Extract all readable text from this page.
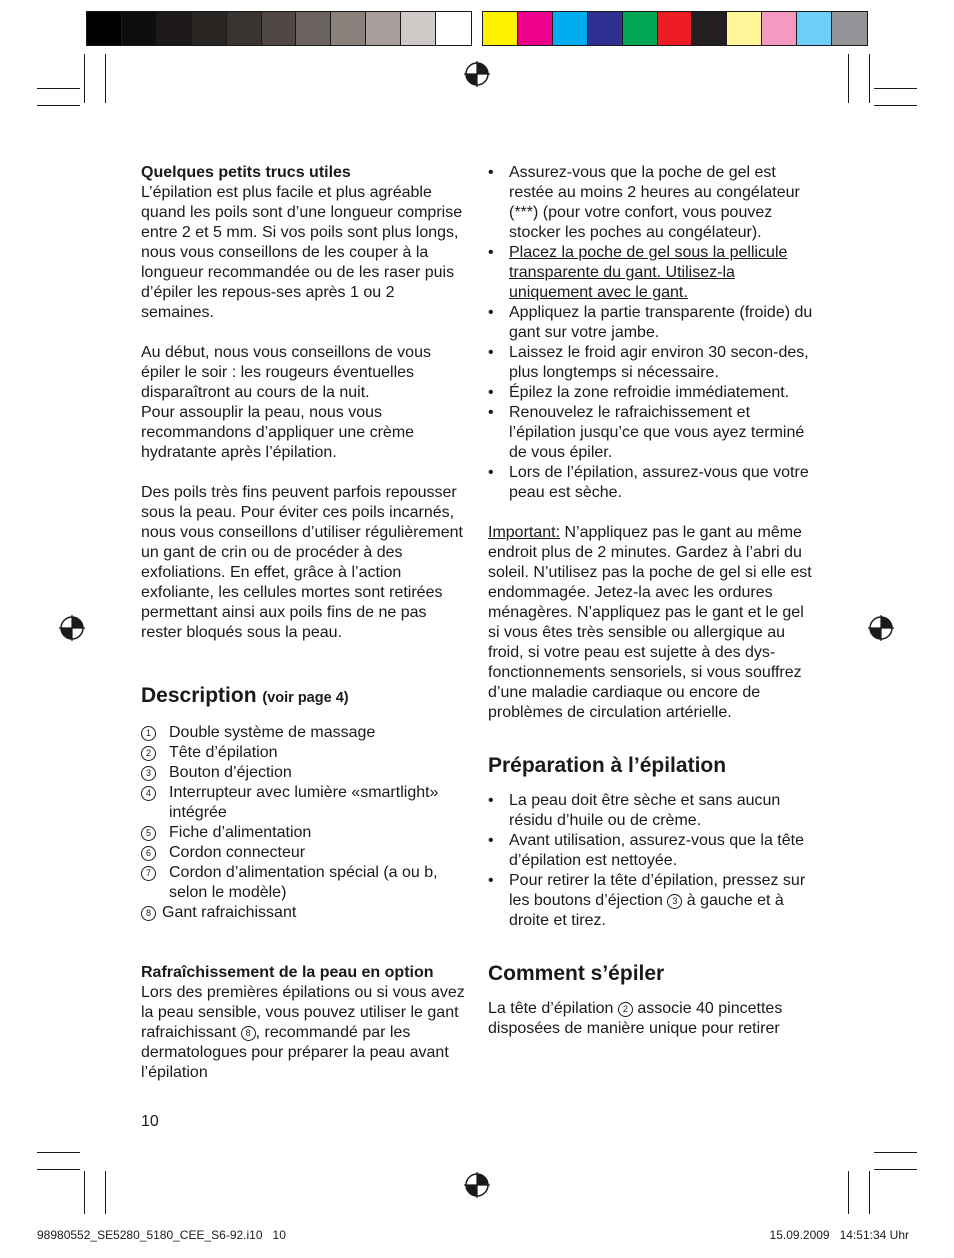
Quelques petits trucs utiles

L’épilation est plus facile et plus agréable quand les poils sont d’une longueur comprise entre 2 et 5 mm. Si vos poils sont plus longs, nous vous conseillons de les couper à la longueur recommandée ou de les raser puis d’épiler les repous-ses après 1 ou 2 semaines.

Au début, nous vous conseillons de vous épiler le soir : les rougeurs éventuelles disparaîtront au cours de la nuit.

Pour assouplir la peau, nous vous recommandons d’appliquer une crème hydratante après l’épilation.

Des poils très fins peuvent parfois repousser sous la peau. Pour éviter ces poils incarnés, nous vous conseillons d’utiliser régulièrement un gant de crin ou de procéder à des exfoliations. En effet, grâce à l’action exfoliante, les cellules mortes sont retirées permettant ainsi aux poils fins de ne pas rester bloqués sous la peau.

Description (voir page 4)
1	Double système de massage
2	Tête d’épilation
3	Bouton d’éjection
4	Interrupteur avec lumière «smartlight» intégrée
5	Fiche d’alimentation
6	Cordon connecteur
7	Cordon d’alimentation spécial (a ou b, selon le modèle)
8 Gant rafraichissant

Rafraîchissement de la peau en option

Lors des premières épilations ou si vous avez la peau sensible, vous pouvez utiliser le gant rafraichissant 8 , recommandé par les dermatologues pour préparer la peau avant l’épilation

10
• Assurez-vous que la poche de gel est restée au moins 2 heures au congélateur (***) (pour votre confort, vous pouvez stocker les poches au congélateur).
• Placez la poche de gel sous la pellicule transparente du gant. Utilisez-la uniquement avec le gant.
• Appliquez la partie transparente (froide) du gant sur votre jambe.
• Laissez le froid agir environ 30 secon-des, plus longtemps si nécessaire.
• Épilez la zone refroidie immédiatement.
• Renouvelez le rafraichissement et l’épilation jusqu’ce que vous ayez terminé de vous épiler.
• Lors de l’épilation, assurez-vous que votre peau est sèche.

Important: N’appliquez pas le gant au même endroit plus de 2 minutes. Gardez à l’abri du soleil. N’utilisez pas la poche de gel si elle est endommagée. Jetez-la avec les ordures ménagères. N’appliquez pas le gant et le gel si vous êtes très sensible ou allergique au froid, si votre peau est sujette à des dys-fonctionnements sensoriels, si vous souffrez d’une maladie cardiaque ou encore de problèmes de circulation artérielle.

Préparation à l’épilation
• La peau doit être sèche et sans aucun résidu d’huile ou de crème.
• Avant utilisation, assurez-vous que la tête d’épilation est nettoyée.
• Pour retirer la tête d’épilation, pressez sur les boutons d’éjection 3 à gauche et à droite et tirez.
Comment s’épiler

La tête d’épilation 2 associe 40 pincettes disposées de manière unique pour retirer

98980552_SE5280_5180_CEE_S6-92.i10   10	15.09.2009   14:51:34 Uhr
